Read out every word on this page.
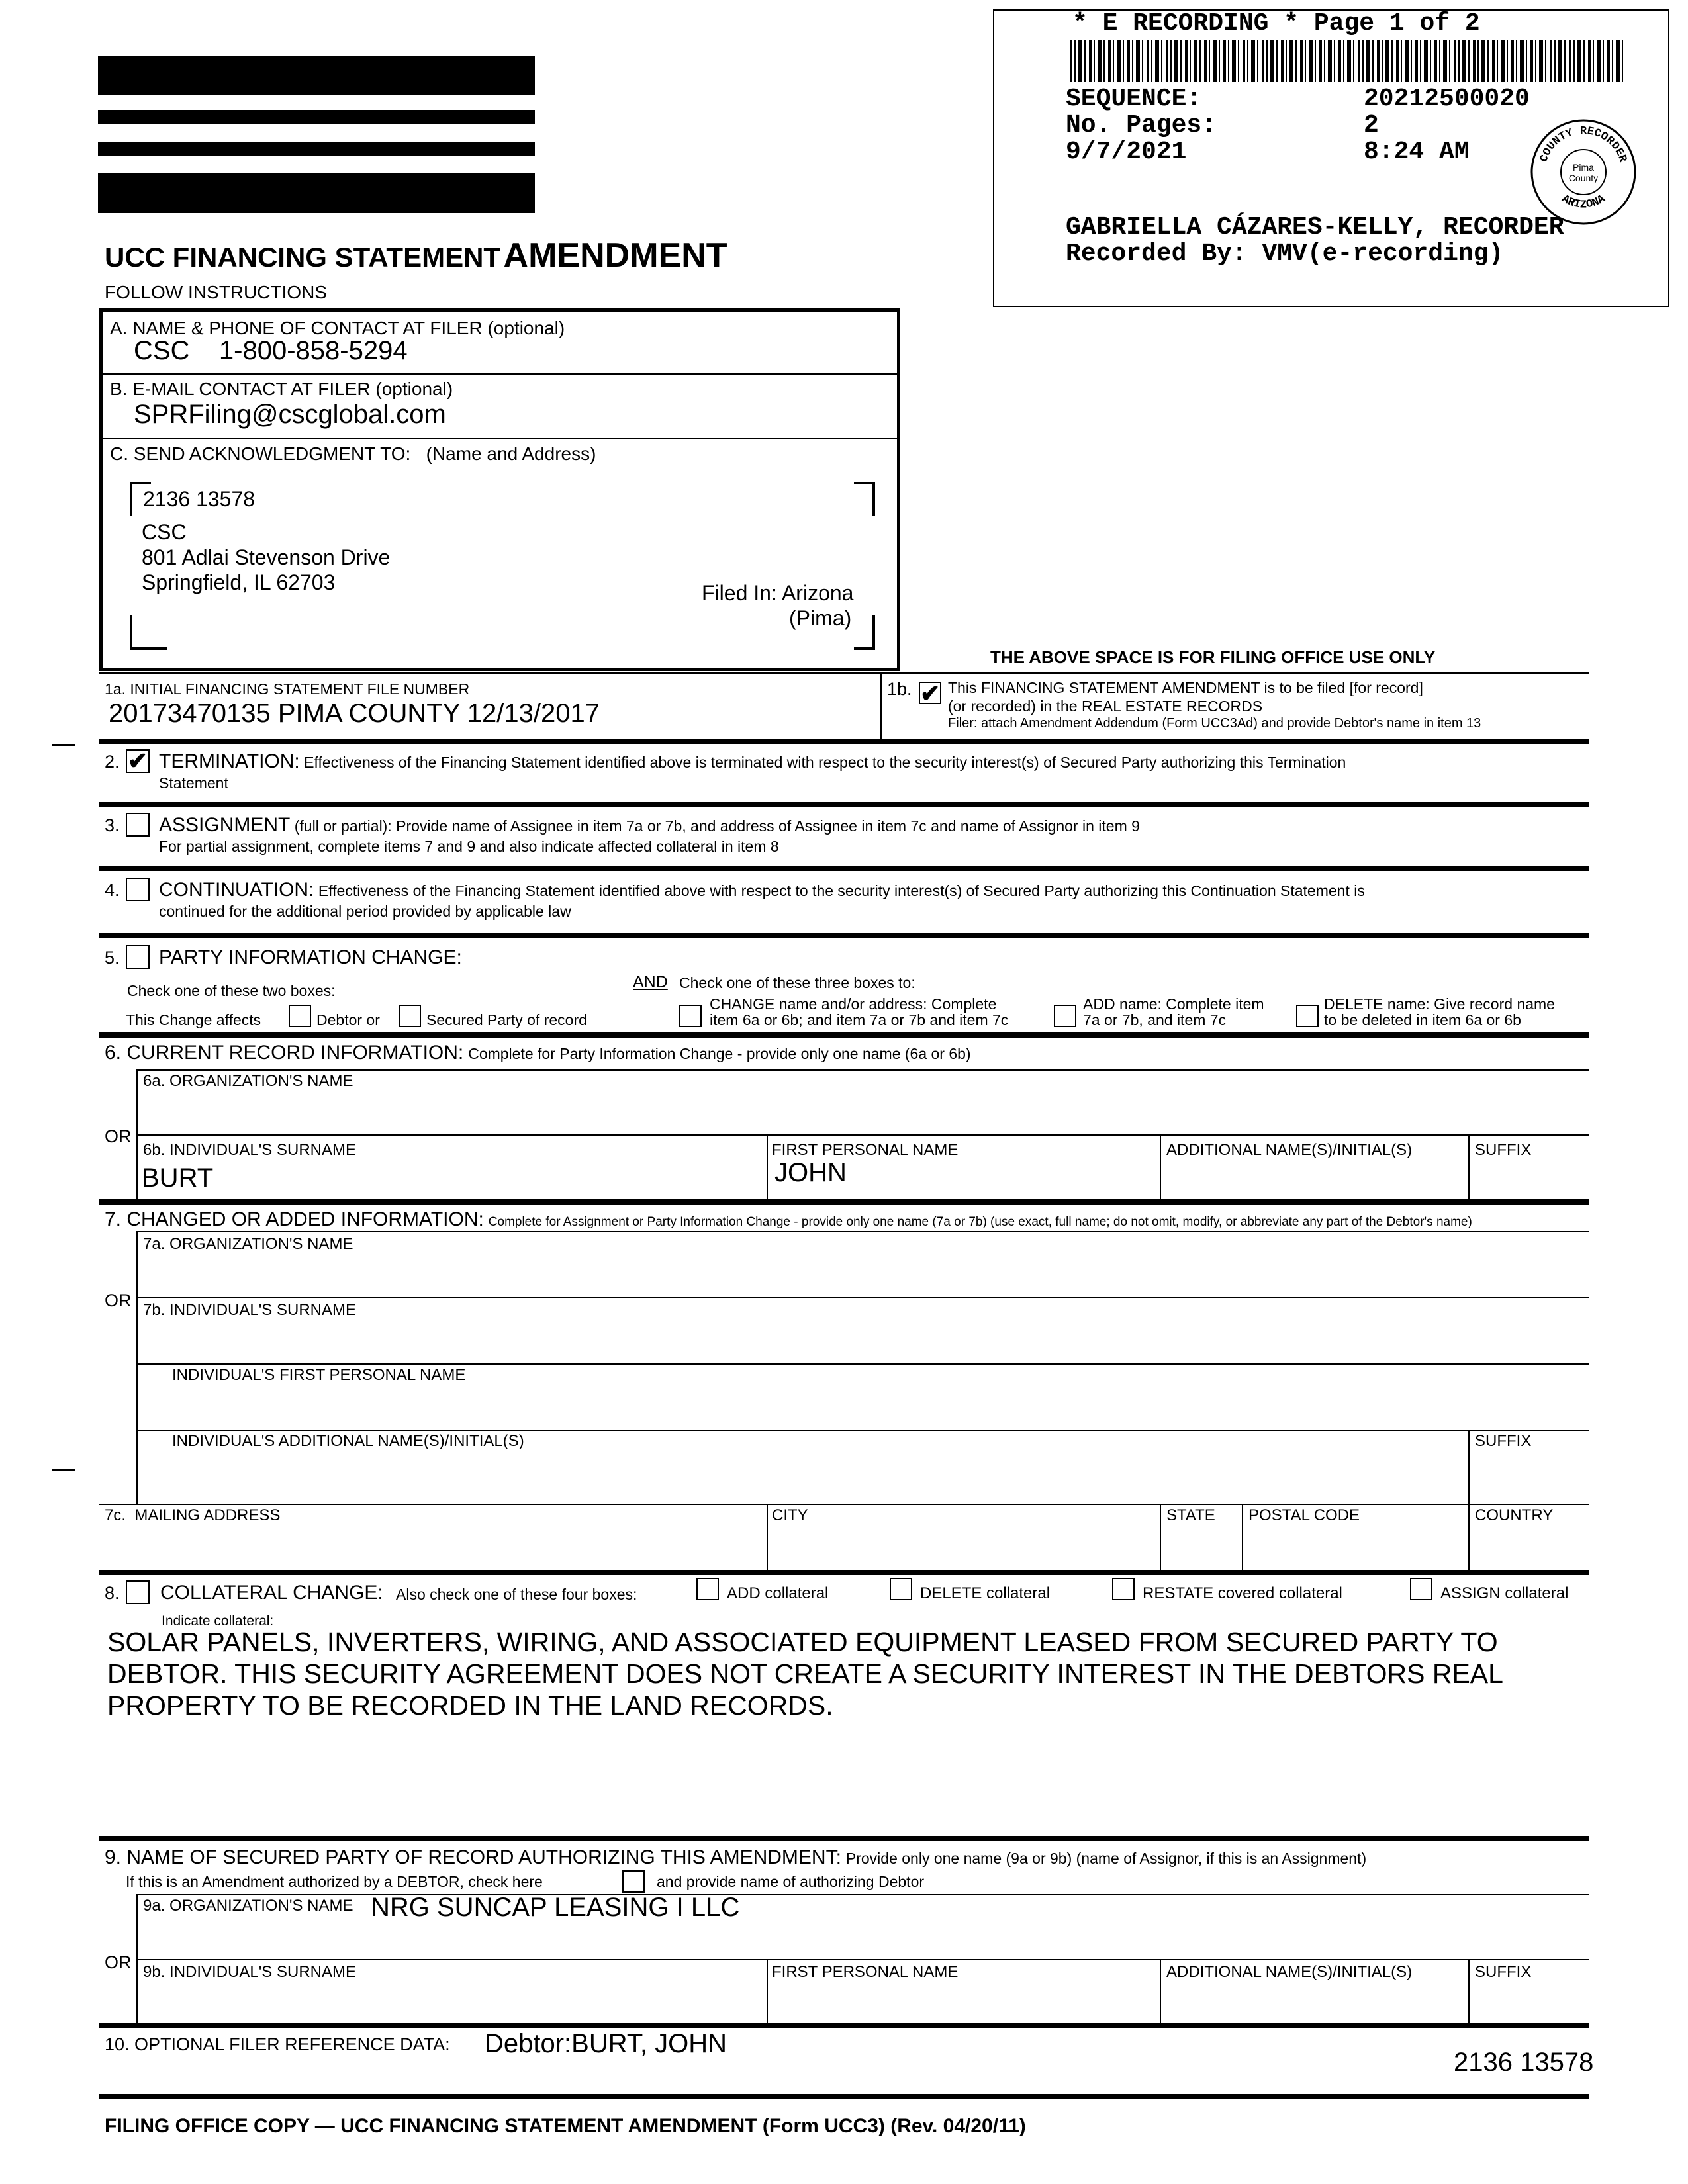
* E RECORDING * Page 1 of 2
SEQUENCE:	20212500020
No. Pages:	2
9/7/2021	8:24 AM	COUNTY RECORDER
ARIZONA
Pima
County
GABRIELLA CÁZARES-KELLY, RECORDER
Recorded By: VMV(e-recording)
UCC FINANCING STATEMENT AMENDMENT
FOLLOW INSTRUCTIONS
A. NAME & PHONE OF CONTACT AT FILER (optional)
CSC    1-800-858-5294
B. E-MAIL CONTACT AT FILER (optional)
SPRFiling@cscglobal.com
C. SEND ACKNOWLEDGMENT TO:   (Name and Address)
2136 13578
CSC
801 Adlai Stevenson Drive
Springfield, IL 62703	Filed In: Arizona
(Pima)
THE ABOVE SPACE IS FOR FILING OFFICE USE ONLY
1a. INITIAL FINANCING STATEMENT FILE NUMBER
20173470135 PIMA COUNTY 12/13/2017
1b. ✔ This FINANCING STATEMENT AMENDMENT is to be filed [for record]
(or recorded) in the REAL ESTATE RECORDS
Filer: attach Amendment Addendum (Form UCC3Ad) and provide Debtor's name in item 13
2. ✔ TERMINATION: Effectiveness of the Financing Statement identified above is terminated with respect to the security interest(s) of Secured Party authorizing this Termination
Statement
3. ASSIGNMENT (full or partial): Provide name of Assignee in item 7a or 7b, and address of Assignee in item 7c and name of Assignor in item 9
For partial assignment, complete items 7 and 9 and also indicate affected collateral in item 8
4. CONTINUATION: Effectiveness of the Financing Statement identified above with respect to the security interest(s) of Secured Party authorizing this Continuation Statement is
continued for the additional period provided by applicable law
5. PARTY INFORMATION CHANGE:
Check one of these two boxes:	AND Check one of these three boxes to:
This Change affects	Debtor or	Secured Party of record
CHANGE name and/or address: Complete
item 6a or 6b; and item 7a or 7b and item 7c
ADD name: Complete item
7a or 7b, and item 7c
DELETE name: Give record name
to be deleted in item 6a or 6b
6. CURRENT RECORD INFORMATION: Complete for Party Information Change - provide only one name (6a or 6b)
6a. ORGANIZATION'S NAME
OR
6b. INDIVIDUAL'S SURNAME
BURT
FIRST PERSONAL NAME
JOHN
ADDITIONAL NAME(S)/INITIAL(S)	SUFFIX
7. CHANGED OR ADDED INFORMATION: Complete for Assignment or Party Information Change - provide only one name (7a or 7b) (use exact, full name; do not omit, modify, or abbreviate any part of the Debtor's name)
7a. ORGANIZATION'S NAME
OR 7b. INDIVIDUAL'S SURNAME
INDIVIDUAL'S FIRST PERSONAL NAME
INDIVIDUAL'S ADDITIONAL NAME(S)/INITIAL(S)	SUFFIX
7c.  MAILING ADDRESS	CITY	STATE POSTAL CODE	COUNTRY
8. COLLATERAL CHANGE: Also check one of these four boxes:	ADD collateral	DELETE collateral	RESTATE covered collateral	ASSIGN collateral
Indicate collateral:
SOLAR PANELS, INVERTERS, WIRING, AND ASSOCIATED EQUIPMENT LEASED FROM SECURED PARTY TO
DEBTOR. THIS SECURITY AGREEMENT DOES NOT CREATE A SECURITY INTEREST IN THE DEBTORS REAL
PROPERTY TO BE RECORDED IN THE LAND RECORDS.
9. NAME OF SECURED PARTY OF RECORD AUTHORIZING THIS AMENDMENT: Provide only one name (9a or 9b) (name of Assignor, if this is an Assignment)
If this is an Amendment authorized by a DEBTOR, check here	and provide name of authorizing Debtor
9a. ORGANIZATION'S NAME NRG SUNCAP LEASING I LLC
OR 9b. INDIVIDUAL'S SURNAME	FIRST PERSONAL NAME	ADDITIONAL NAME(S)/INITIAL(S)	SUFFIX
10. OPTIONAL FILER REFERENCE DATA: Debtor:BURT, JOHN
2136 13578
FILING OFFICE COPY — UCC FINANCING STATEMENT AMENDMENT (Form UCC3) (Rev. 04/20/11)
